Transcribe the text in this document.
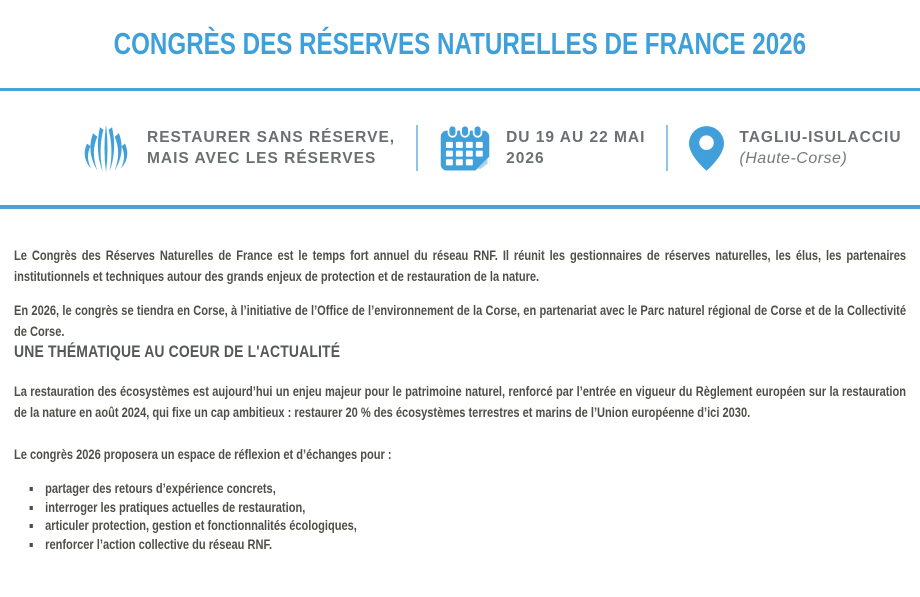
CONGRÈS DES RÉSERVES NATURELLES DE FRANCE 2026
RESTAURER SANS RÉSERVE,
MAIS AVEC LES RÉSERVES
DU 19 AU 22 MAI
2026
TAGLIU-ISULACCIU
(Haute-Corse)

Le Congrès des Réserves Naturelles de France est le temps fort annuel du réseau RNF. Il réunit les gestionnaires de réserves naturelles, les élus, les partenaires institutionnels et techniques autour des grands enjeux de protection et de restauration de la nature.

En 2026, le congrès se tiendra en Corse, à l’initiative de l’Office de l’environnement de la Corse, en partenariat avec le Parc naturel régional de Corse et de la Collectivité de Corse.

UNE THÉMATIQUE AU COEUR DE L'ACTUALITÉ

La restauration des écosystèmes est aujourd’hui un enjeu majeur pour le patrimoine naturel, renforcé par l’entrée en vigueur du Règlement européen sur la restauration de la nature en août 2024, qui fixe un cap ambitieux : restaurer 20 % des écosystèmes terrestres et marins de l’Union européenne d’ici 2030.

Le congrès 2026 proposera un espace de réflexion et d’échanges pour :

▪ partager des retours d’expérience concrets,
▪ interroger les pratiques actuelles de restauration,
▪ articuler protection, gestion et fonctionnalités écologiques,
▪ renforcer l’action collective du réseau RNF.
